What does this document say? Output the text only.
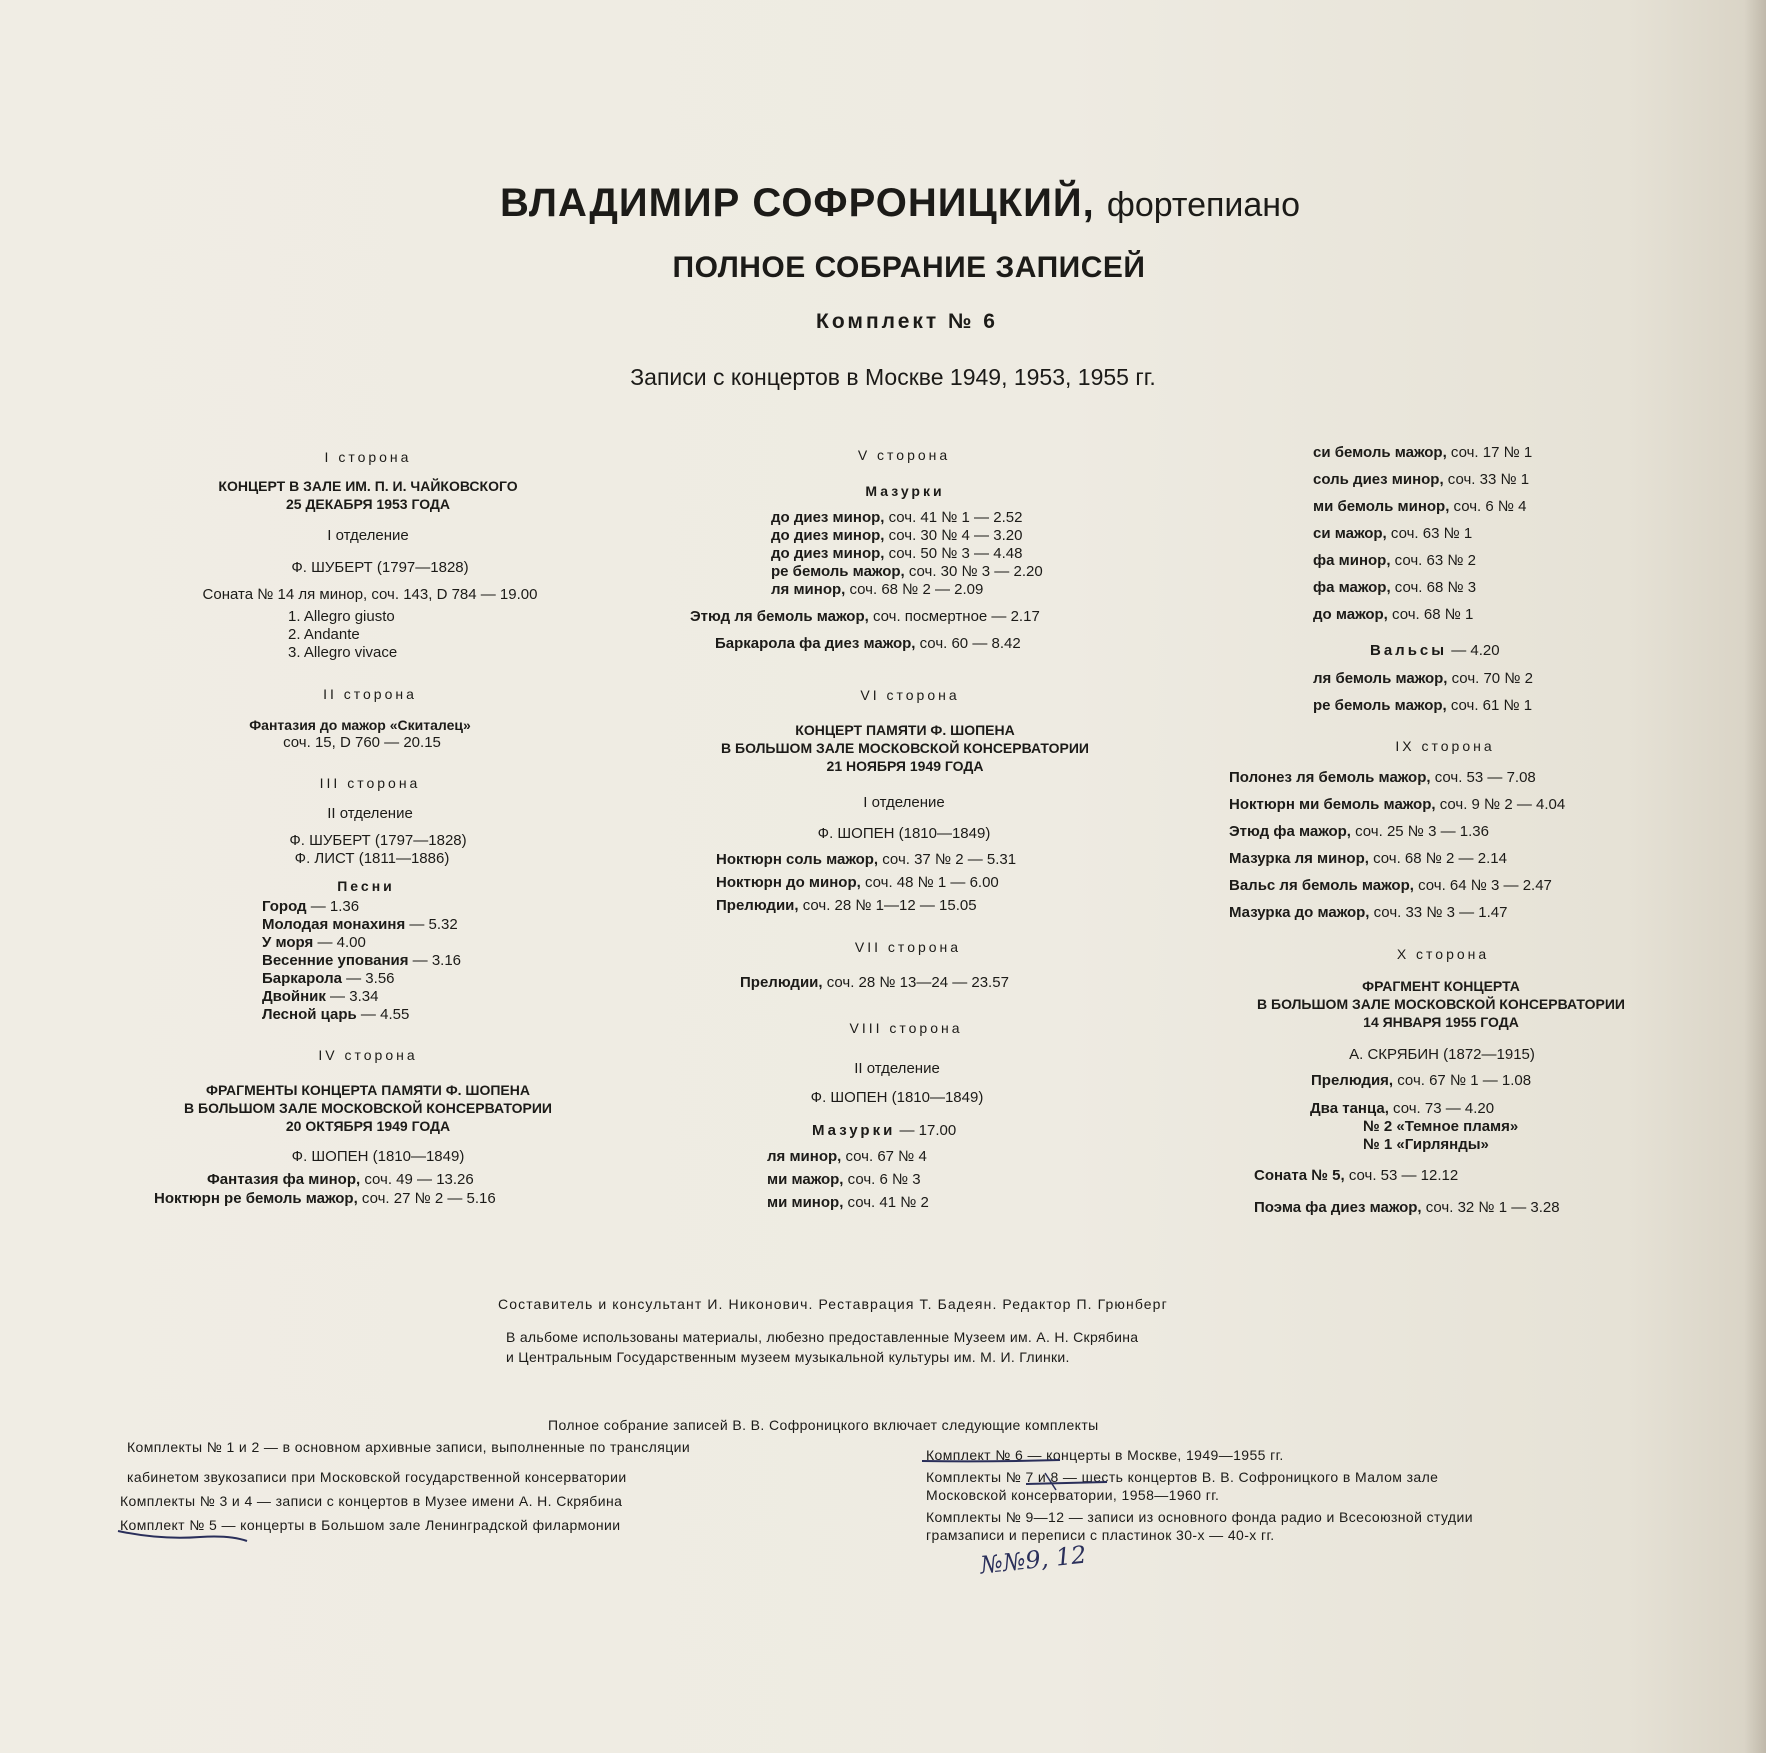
ВЛАДИМИР СОФРОНИЦКИЙ, фортепиано
ПОЛНОЕ СОБРАНИЕ ЗАПИСЕЙ
Комплект № 6
Записи с концертов в Москве 1949, 1953, 1955 гг.
I сторона
КОНЦЕРТ В ЗАЛЕ ИМ. П. И. ЧАЙКОВСКОГО
25 ДЕКАБРЯ 1953 ГОДА
I отделение
Ф. ШУБЕРТ (1797—1828)
Соната № 14 ля минор, соч. 143, D 784 — 19.00
1. Allegro giusto
2. Andante
3. Allegro vivace
II сторона
Фантазия до мажор «Скиталец»
соч. 15, D 760 — 20.15
III сторона
II отделение
Ф. ШУБЕРТ (1797—1828)
Ф. ЛИСТ (1811—1886)
Песни
Город — 1.36
Молодая монахиня — 5.32
У моря — 4.00
Весенние упования — 3.16
Баркарола — 3.56
Двойник — 3.34
Лесной царь — 4.55
IV сторона
ФРАГМЕНТЫ КОНЦЕРТА ПАМЯТИ Ф. ШОПЕНА
В БОЛЬШОМ ЗАЛЕ МОСКОВСКОЙ КОНСЕРВАТОРИИ
20 ОКТЯБРЯ 1949 ГОДА
Ф. ШОПЕН (1810—1849)
Фантазия фа минор, соч. 49 — 13.26
Ноктюрн ре бемоль мажор, соч. 27 № 2 — 5.16
V сторона
Мазурки
до диез минор, соч. 41 № 1 — 2.52
до диез минор, соч. 30 № 4 — 3.20
до диез минор, соч. 50 № 3 — 4.48
ре бемоль мажор, соч. 30 № 3 — 2.20
ля минор, соч. 68 № 2 — 2.09
Этюд ля бемоль мажор, соч. посмертное — 2.17
Баркарола фа диез мажор, соч. 60 — 8.42
VI сторона
КОНЦЕРТ ПАМЯТИ Ф. ШОПЕНА
В БОЛЬШОМ ЗАЛЕ МОСКОВСКОЙ КОНСЕРВАТОРИИ
21 НОЯБРЯ 1949 ГОДА
I отделение
Ф. ШОПЕН (1810—1849)
Ноктюрн соль мажор, соч. 37 № 2 — 5.31
Ноктюрн до минор, соч. 48 № 1 — 6.00
Прелюдии, соч. 28 № 1—12 — 15.05
VII сторона
Прелюдии, соч. 28 № 13—24 — 23.57
VIII сторона
II отделение
Ф. ШОПЕН (1810—1849)
Мазурки — 17.00
ля минор, соч. 67 № 4
ми мажор, соч. 6 № 3
ми минор, соч. 41 № 2
си бемоль мажор, соч. 17 № 1
соль диез минор, соч. 33 № 1
ми бемоль минор, соч. 6 № 4
си мажор, соч. 63 № 1
фа минор, соч. 63 № 2
фа мажор, соч. 68 № 3
до мажор, соч. 68 № 1
Вальсы — 4.20
ля бемоль мажор, соч. 70 № 2
ре бемоль мажор, соч. 61 № 1
IX сторона
Полонез ля бемоль мажор, соч. 53 — 7.08
Ноктюрн ми бемоль мажор, соч. 9 № 2 — 4.04
Этюд фа мажор, соч. 25 № 3 — 1.36
Мазурка ля минор, соч. 68 № 2 — 2.14
Вальс ля бемоль мажор, соч. 64 № 3 — 2.47
Мазурка до мажор, соч. 33 № 3 — 1.47
X сторона
ФРАГМЕНТ КОНЦЕРТА
В БОЛЬШОМ ЗАЛЕ МОСКОВСКОЙ КОНСЕРВАТОРИИ
14 ЯНВАРЯ 1955 ГОДА
А. СКРЯБИН (1872—1915)
Прелюдия, соч. 67 № 1 — 1.08
Два танца, соч. 73 — 4.20
№ 2 «Темное пламя»
№ 1 «Гирлянды»
Соната № 5, соч. 53 — 12.12
Поэма фа диез мажор, соч. 32 № 1 — 3.28
Составитель и консультант И. Никонович. Реставрация Т. Бадеян. Редактор П. Грюнберг
В альбоме использованы материалы, любезно предоставленные Музеем им. А. Н. Скрябина
и Центральным Государственным музеем музыкальной культуры им. М. И. Глинки.
Полное собрание записей В. В. Софроницкого включает следующие комплекты
Комплекты № 1 и 2 — в основном архивные записи, выполненные по трансляции
кабинетом звукозаписи при Московской государственной консерватории
Комплекты № 3 и 4 — записи с концертов в Музее имени А. Н. Скрябина
Комплект № 5 — концерты в Большом зале Ленинградской филармонии
Комплект № 6 — концерты в Москве, 1949—1955 гг.
Комплекты № 7 и 8 — шесть концертов В. В. Софроницкого в Малом зале
Московской консерватории, 1958—1960 гг.
Комплекты № 9—12 — записи из основного фонда радио и Всесоюзной студии
грамзаписи и переписи с пластинок 30-х — 40-х гг.
№№9, 12
